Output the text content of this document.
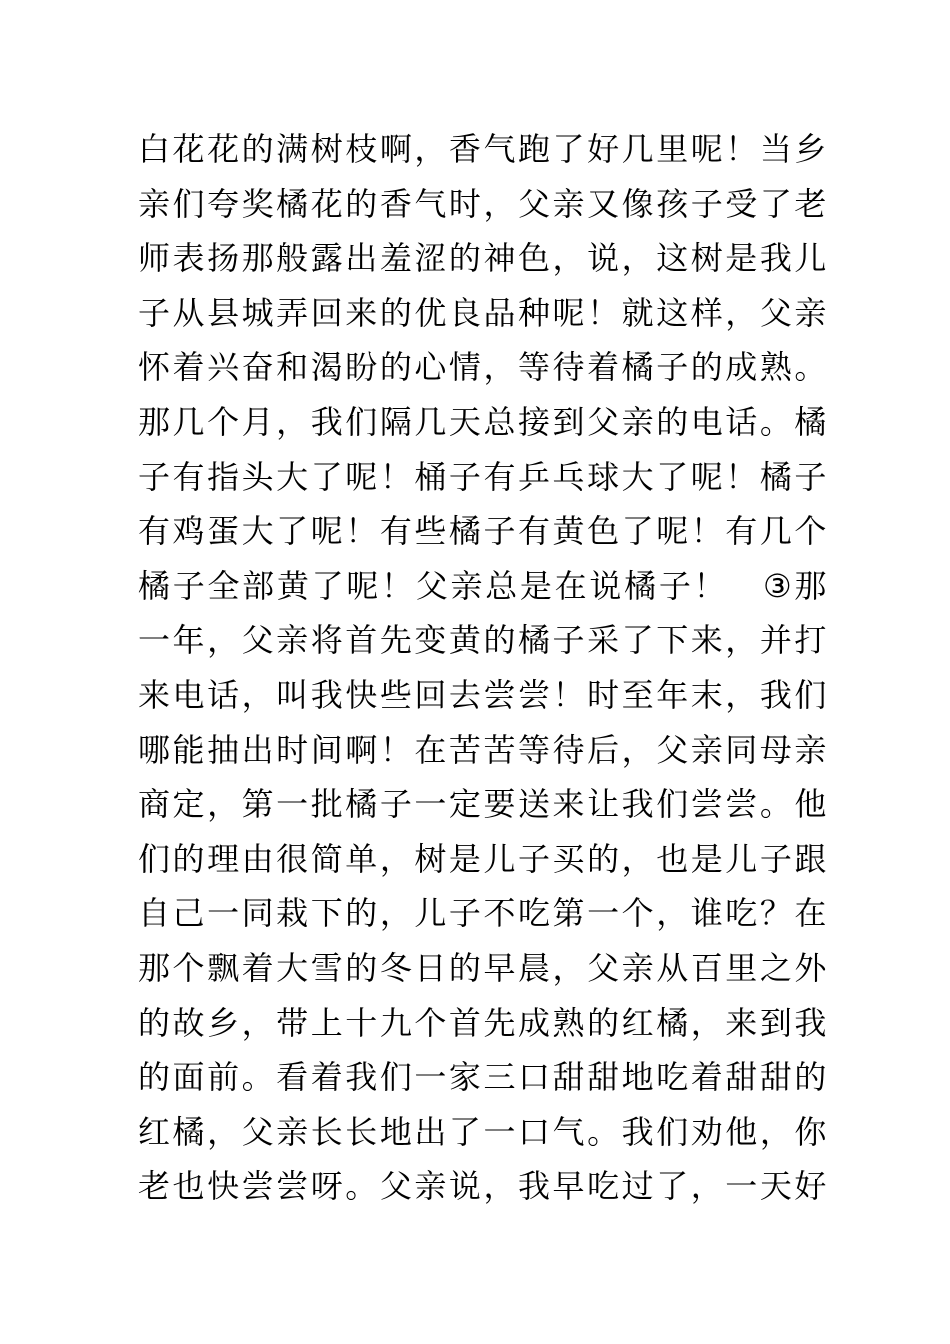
白花花的满树枝啊，香气跑了好几里呢！当乡
亲们夸奖橘花的香气时，父亲又像孩子受了老
师表扬那般露出羞涩的神色，说，这树是我儿
子从县城弄回来的优良品种呢！就这样，父亲
怀着兴奋和渴盼的心情，等待着橘子的成熟。
那几个月，我们隔几天总接到父亲的电话。橘
子有指头大了呢！桶子有乒乓球大了呢！橘子
有鸡蛋大了呢！有些橘子有黄色了呢！有几个
橘子全部黄了呢！父亲总是在说橘子！　③那
一年，父亲将首先变黄的橘子采了下来，并打
来电话，叫我快些回去尝尝！时至年末，我们
哪能抽出时间啊！在苦苦等待后，父亲同母亲
商定，第一批橘子一定要送来让我们尝尝。他
们的理由很简单，树是儿子买的，也是儿子跟
自己一同栽下的，儿子不吃第一个，谁吃？在
那个飘着大雪的冬日的早晨，父亲从百里之外
的故乡，带上十九个首先成熟的红橘，来到我
的面前。看着我们一家三口甜甜地吃着甜甜的
红橘，父亲长长地出了一口气。我们劝他，你
老也快尝尝呀。父亲说，我早吃过了，一天好
